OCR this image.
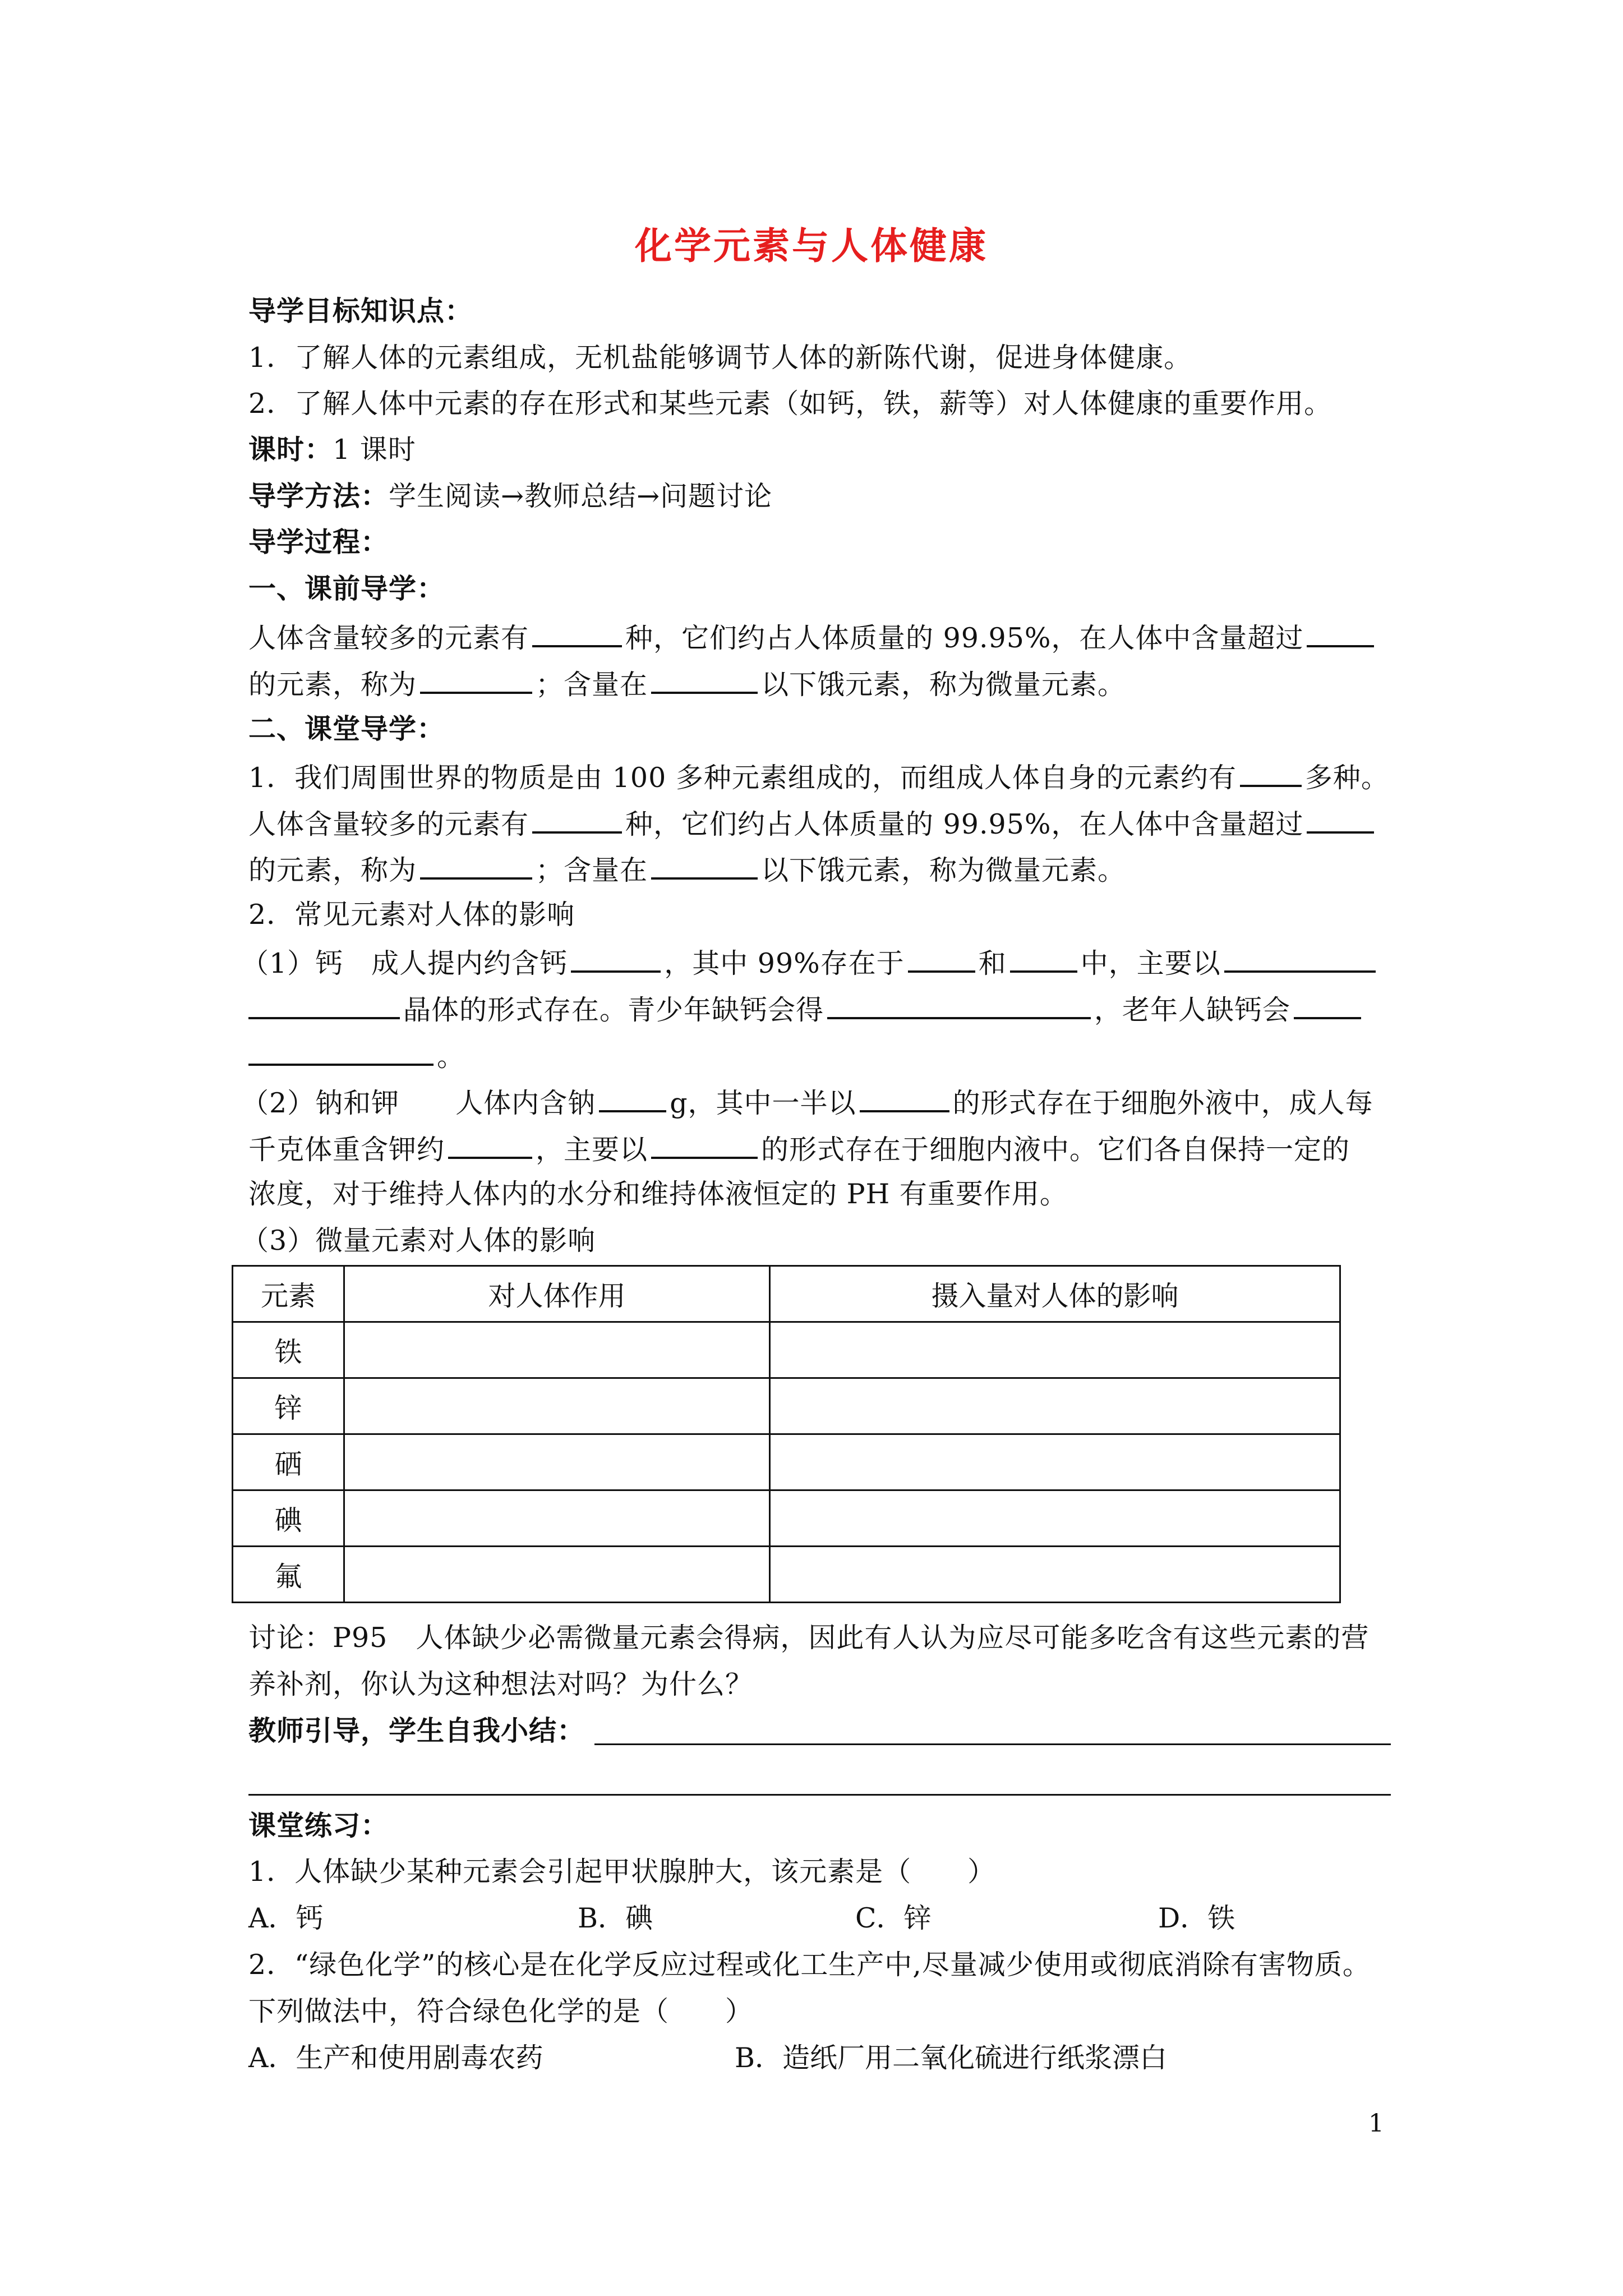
化学元素与人体健康
导学目标知识点：
1．了解人体的元素组成，无机盐能够调节人体的新陈代谢，促进身体健康。
2．了解人体中元素的存在形式和某些元素（如钙，铁，薪等）对人体健康的重要作用。
课时：1 课时
导学方法：学生阅读→教师总结→问题讨论
导学过程：
一、课前导学：
人体含量较多的元素有	种，它们约占人体质量的 99.95%，在人体中含量超过
的元素，称为	；含量在	以下饿元素，称为微量元素。
二、课堂导学：
1．我们周围世界的物质是由 100 多种元素组成的，而组成人体自身的元素约有 多种。
人体含量较多的元素有	种，它们约占人体质量的 99.95%，在人体中含量超过
的元素，称为	；含量在	以下饿元素，称为微量元素。
2．常见元素对人体的影响
（1）钙　成人提内约含钙	，其中 99%存在于	和	中，主要以
晶体的形式存在。青少年缺钙会得	，老年人缺钙会
。
（2）钠和钾　　人体内含钠	g，其中一半以	的形式存在于细胞外液中，成人每
千克体重含钾约	，主要以	的形式存在于细胞内液中。它们各自保持一定的
浓度，对于维持人体内的水分和维持体液恒定的 PH 有重要作用。
（3）微量元素对人体的影响
元素	对人体作用	摄入量对人体的影响
铁		
锌		
硒		
碘		
氟		
讨论：P95　人体缺少必需微量元素会得病，因此有人认为应尽可能多吃含有这些元素的营
养补剂，你认为这种想法对吗？为什么？
教师引导，学生自我小结：
课堂练习：
1．人体缺少某种元素会引起甲状腺肿大，该元素是（　　）
A．钙	B．碘	C．锌	D．铁
2．“绿色化学”的核心是在化学反应过程或化工生产中,尽量减少使用或彻底消除有害物质。
下列做法中，符合绿色化学的是（　　）
A．生产和使用剧毒农药	B．造纸厂用二氧化硫进行纸浆漂白
1
